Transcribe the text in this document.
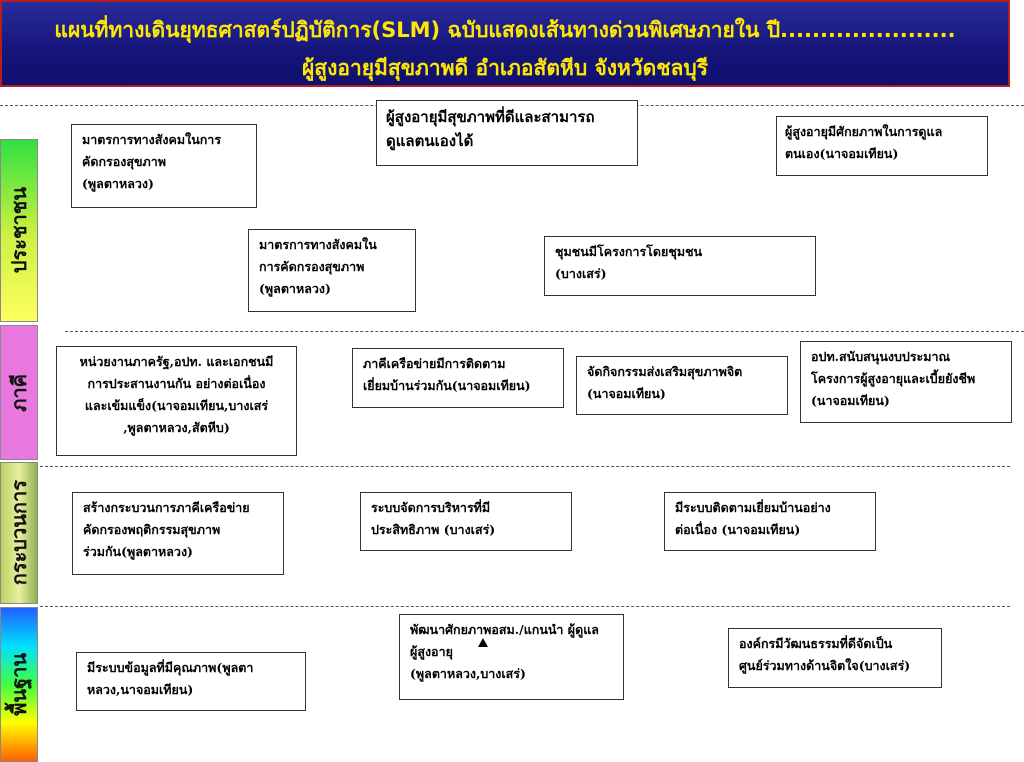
แผนที่ทางเดินยุทธศาสตร์ปฏิบัติการ(SLM) ฉบับแสดงเส้นทางด่วนพิเศษภายใน ปี......................
ผู้สูงอายุมีสุขภาพดี อำเภอสัตหีบ จังหวัดชลบุรี
ประชาชน
ภาคี
กระบวนการ
พื้นฐาน
ผู้สูงอายุมีสุขภาพที่ดีและสามารถ
ดูแลตนเองได้
มาตรการทางสังคมในการ
คัดกรองสุขภาพ
(พูลตาหลวง)
ผู้สูงอายุมีศักยภาพในการดูแล
ตนเอง(นาจอมเทียน)
มาตรการทางสังคมใน
การคัดกรองสุขภาพ
(พูลตาหลวง)
ชุมชนมีโครงการโดยชุมชน
(บางเสร่)
หน่วยงานภาครัฐ,อปท. และเอกชนมี
การประสานงานกัน อย่างต่อเนื่อง
และเข้มแข็ง(นาจอมเทียน,บางเสร่
,พูลตาหลวง,สัตหีบ)
ภาคีเครือข่ายมีการติดตาม
เยี่ยมบ้านร่วมกัน(นาจอมเทียน)
จัดกิจกรรมส่งเสริมสุขภาพจิต
(นาจอมเทียน)
อปท.สนับสนุนงบประมาณ
โครงการผู้สูงอายุและเบี้ยยังชีพ
(นาจอมเทียน)
สร้างกระบวนการภาคีเครือข่าย
คัดกรองพฤติกรรมสุขภาพ
ร่วมกัน(พูลตาหลวง)
ระบบจัดการบริหารที่มี
ประสิทธิภาพ (บางเสร่)
มีระบบติดตามเยี่ยมบ้านอย่าง
ต่อเนื่อง (นาจอมเทียน)
มีระบบข้อมูลที่มีคุณภาพ(พูลตา
หลวง,นาจอมเทียน)
พัฒนาศักยภาพอสม./แกนนำ ผู้ดูแล
ผู้สูงอายุ
(พูลตาหลวง,บางเสร่)
องค์กรมีวัฒนธรรมที่ดีจัดเป็น
ศูนย์ร่วมทางด้านจิตใจ(บางเสร่)
